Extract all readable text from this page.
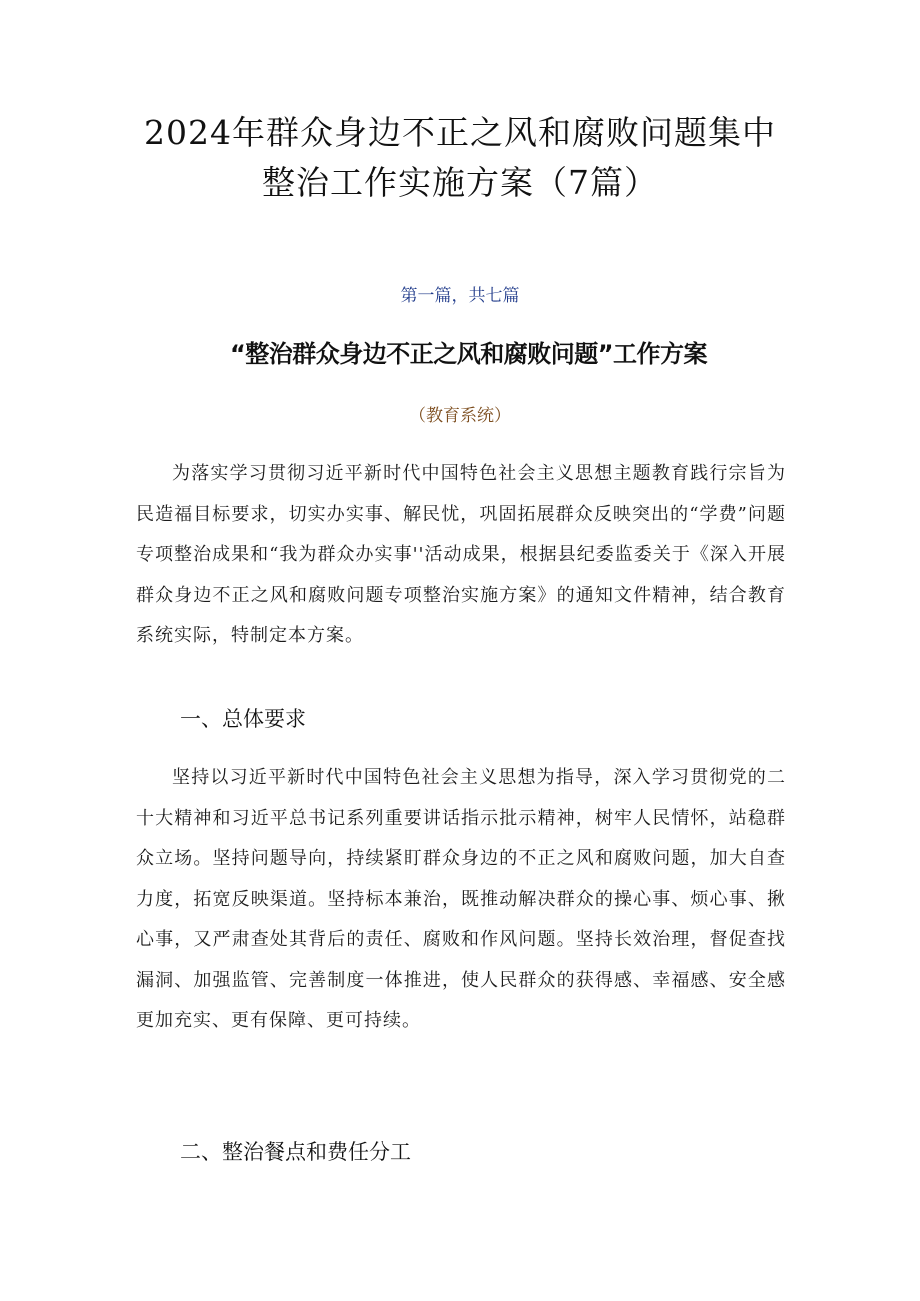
2024年群众身边不正之风和腐败问题集中
整治工作实施方案（7篇）
第一篇，共七篇
“整治群众身边不正之风和腐败问题”工作方案
（教育系统）

为落实学习贯彻习近平新时代中国特色社会主义思想主题教育践行宗旨为民造福目标要求，切实办实事、解民忧，巩固拓展群众反映突出的“学费”问题专项整治成果和“我为群众办实事''活动成果，根据县纪委监委关于《深入开展群众身边不正之风和腐败问题专项整治实施方案》的通知文件精神，结合教育系统实际，特制定本方案。

一、总体要求

坚持以习近平新时代中国特色社会主义思想为指导，深入学习贯彻党的二十大精神和习近平总书记系列重要讲话指示批示精神，树牢人民情怀，站稳群众立场。坚持问题导向，持续紧盯群众身边的不正之风和腐败问题，加大自查力度，拓宽反映渠道。坚持标本兼治，既推动解决群众的操心事、烦心事、揪心事，又严肃查处其背后的责任、腐败和作风问题。坚持长效治理，督促查找漏洞、加强监管、完善制度一体推进，使人民群众的获得感、幸福感、安全感更加充实、更有保障、更可持续。

二、整治餐点和费任分工
